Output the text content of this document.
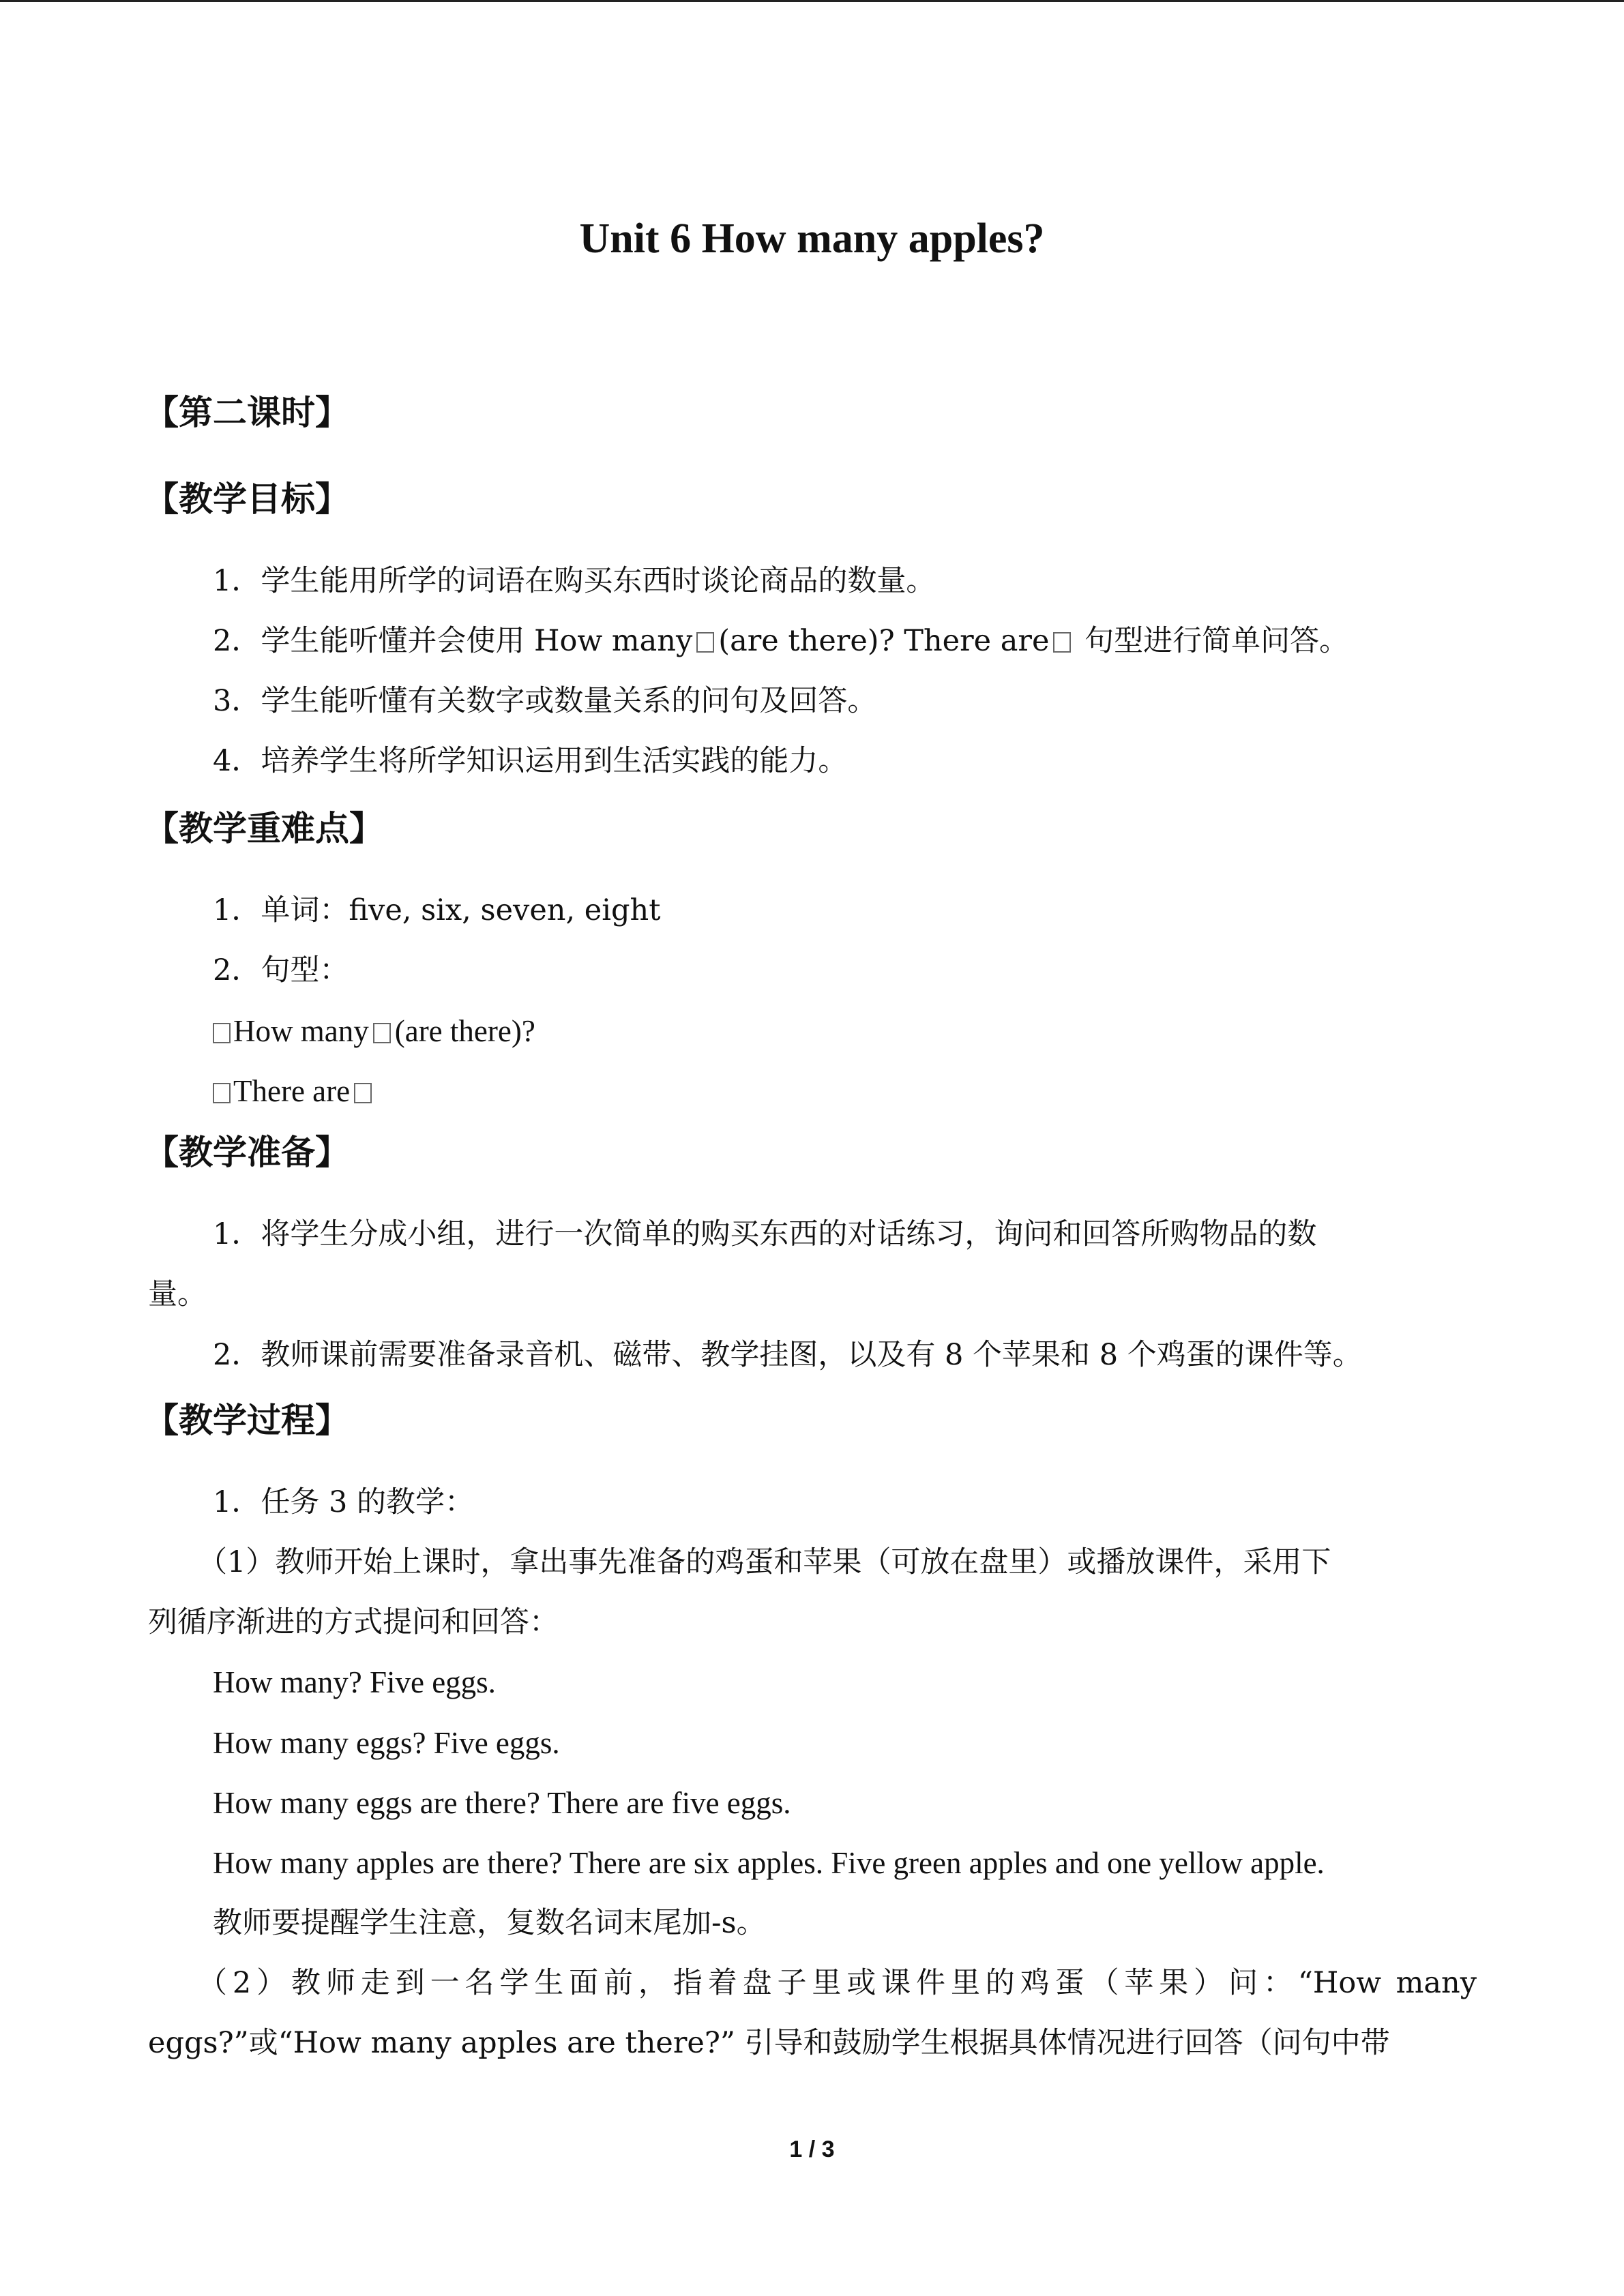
Unit 6 How many apples?
【第二课时】
【教学目标】

1．学生能用所学的词语在购买东西时谈论商品的数量。

2．学生能听懂并会使用 How many (are there)? There are 句型进行简单问答。

3．学生能听懂有关数字或数量关系的问句及回答。

4．培养学生将所学知识运用到生活实践的能力。

【教学重难点】

1．单词：five, six, seven, eight

2．句型：

How many (are there)?

There are

【教学准备】

1．将学生分成小组，进行一次简单的购买东西的对话练习，询问和回答所购物品的数

量。

2．教师课前需要准备录音机、磁带、教学挂图，以及有 8 个苹果和 8 个鸡蛋的课件等。

【教学过程】

1．任务 3 的教学：

（1）教师开始上课时，拿出事先准备的鸡蛋和苹果（可放在盘里）或播放课件，采用下

列循序渐进的方式提问和回答：

How many? Five eggs.

How many eggs? Five eggs.

How many eggs are there? There are five eggs.

How many apples are there? There are six apples. Five green apples and one yellow apple.

教师要提醒学生注意，复数名词末尾加-s。

（2）教师走到一名学生面前，指着盘子里或课件里的鸡蛋（苹果）问：“How many

eggs?”或“How many apples are there?” 引导和鼓励学生根据具体情况进行回答（问句中带

1 / 3
